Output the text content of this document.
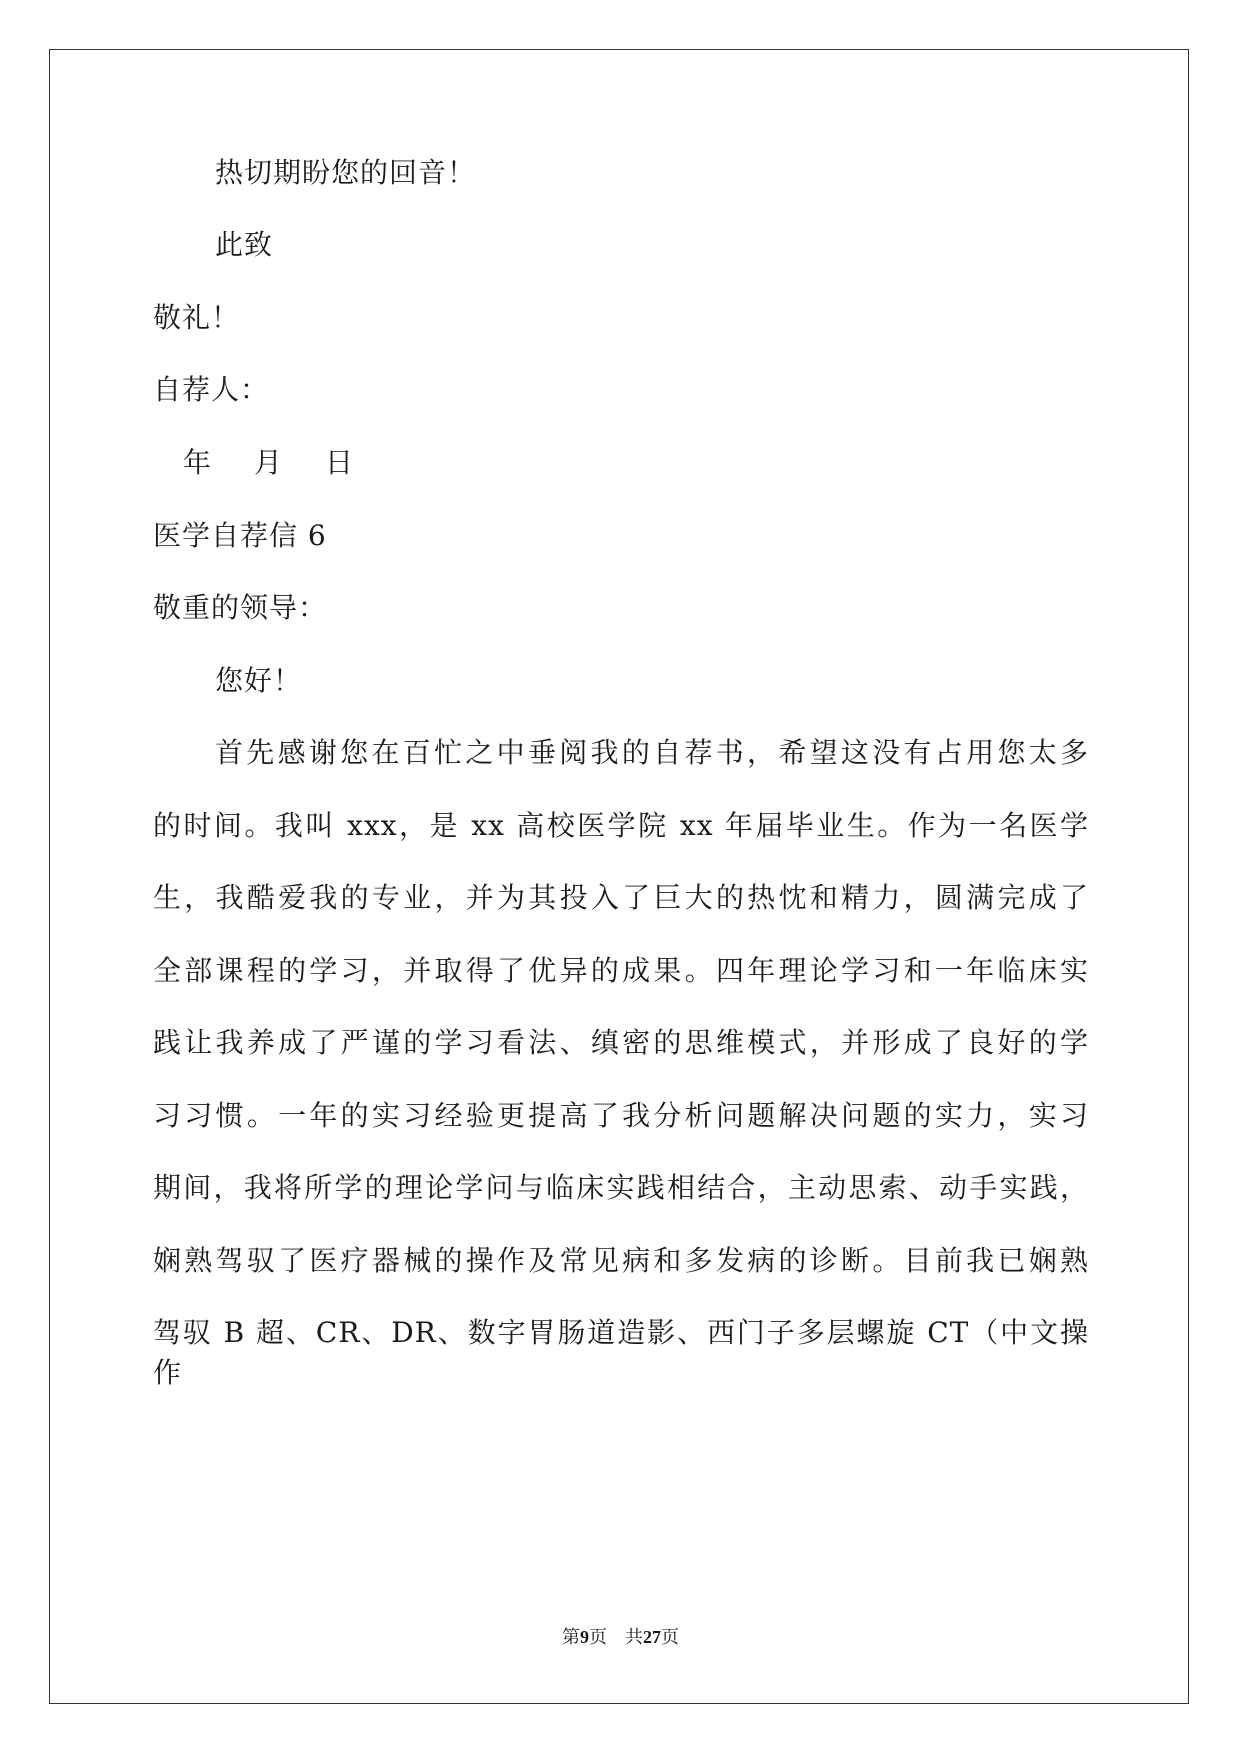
热切期盼您的回音！
此致
敬礼！
自荐人：
年 月 日
医学自荐信 6
敬重的领导：
您好！
首先感谢您在百忙之中垂阅我的自荐书，希望这没有占用您太多
的时间。我叫 xxx，是 xx 高校医学院 xx 年届毕业生。作为一名医学
生，我酷爱我的专业，并为其投入了巨大的热忱和精力，圆满完成了
全部课程的学习，并取得了优异的成果。四年理论学习和一年临床实
践让我养成了严谨的学习看法、缜密的思维模式，并形成了良好的学
习习惯。一年的实习经验更提高了我分析问题解决问题的实力，实习
期间，我将所学的理论学问与临床实践相结合，主动思索、动手实践，
娴熟驾驭了医疗器械的操作及常见病和多发病的诊断。目前我已娴熟
驾驭 B 超、CR、DR、数字胃肠道造影、西门子多层螺旋 CT（中文操作
第9页 共27页
